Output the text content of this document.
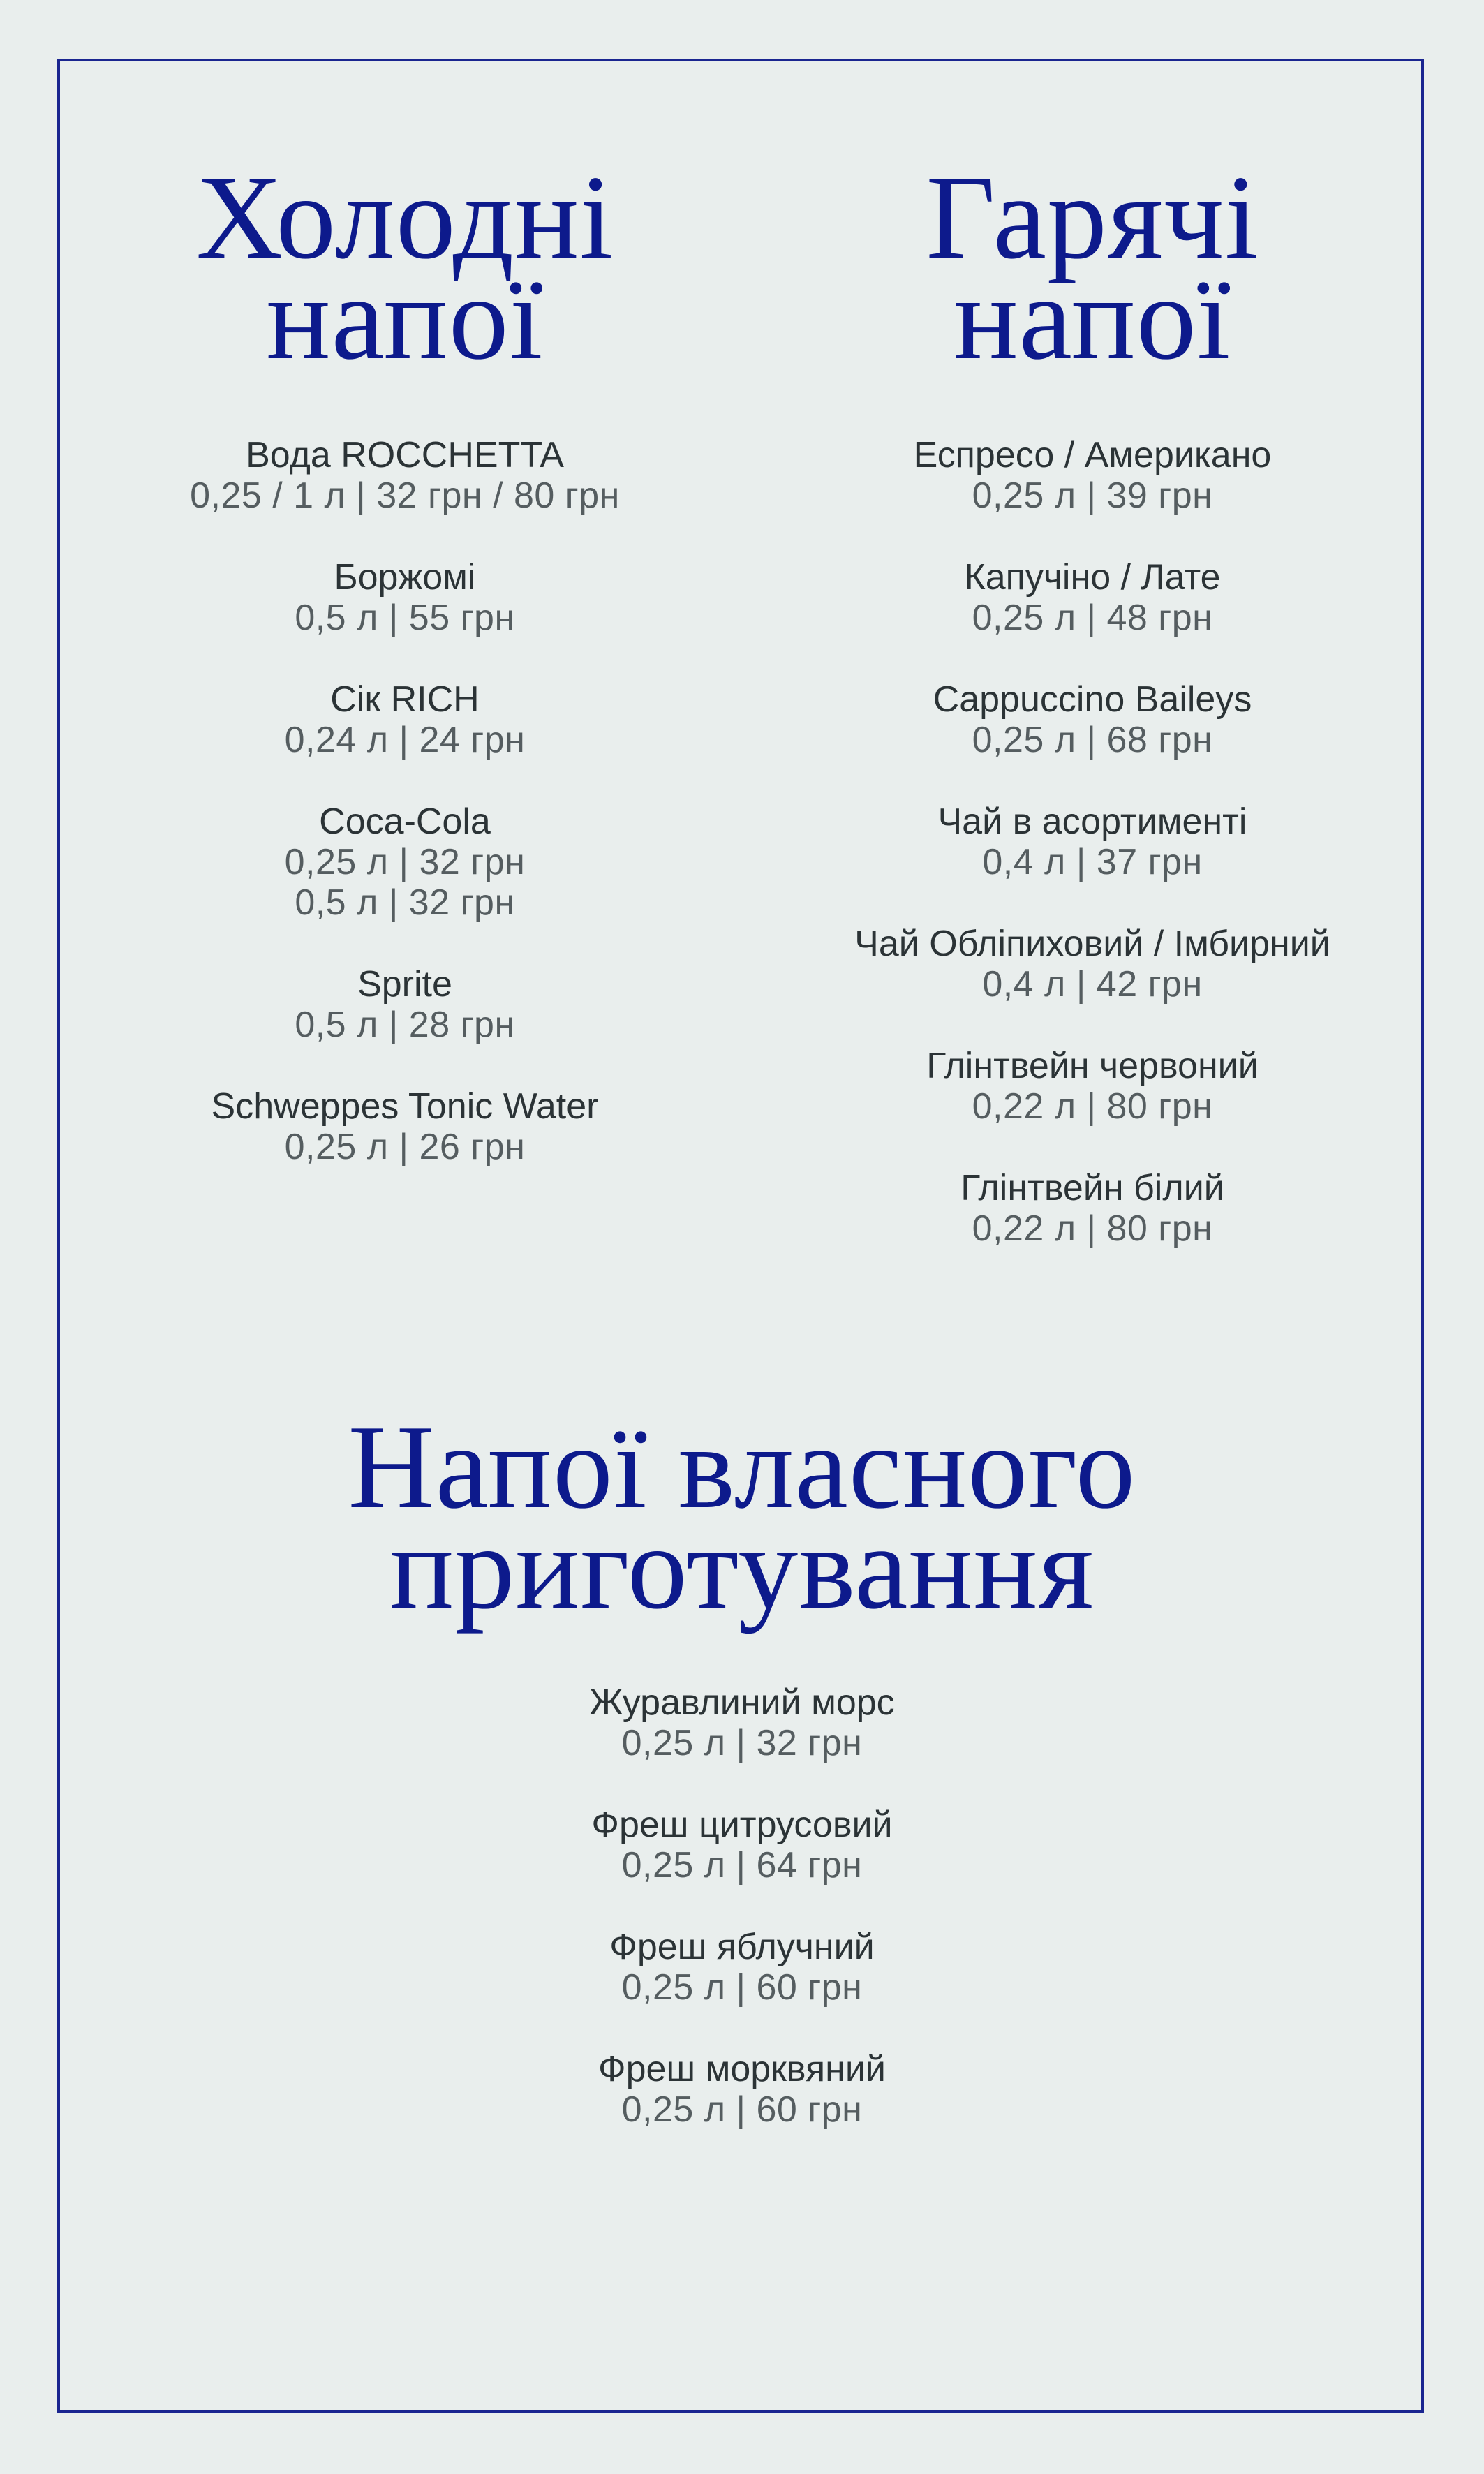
Холодні
напої
Вода ROCCHETTA
0,25 / 1 л | 32 грн / 80 грн
Боржомі
0,5 л | 55 грн
Сік RICH
0,24 л | 24 грн
Coca-Cola
0,25 л | 32 грн
0,5 л | 32 грн
Sprite
0,5 л | 28 грн
Schweppes Tonic Water
0,25 л | 26 грн
Гарячі
напої
Еспресо / Американо
0,25 л | 39 грн
Капучіно / Лате
0,25 л | 48 грн
Cappuccino Baileys
0,25 л | 68 грн
Чай в асортименті
0,4 л | 37 грн
Чай Обліпиховий / Імбирний
0,4 л | 42 грн
Глінтвейн червоний
0,22 л | 80 грн
Глінтвейн білий
0,22 л | 80 грн
Напої власного
приготування
Журавлиний морс
0,25 л | 32 грн
Фреш цитрусовий
0,25 л | 64 грн
Фреш яблучний
0,25 л | 60 грн
Фреш морквяний
0,25 л | 60 грн
